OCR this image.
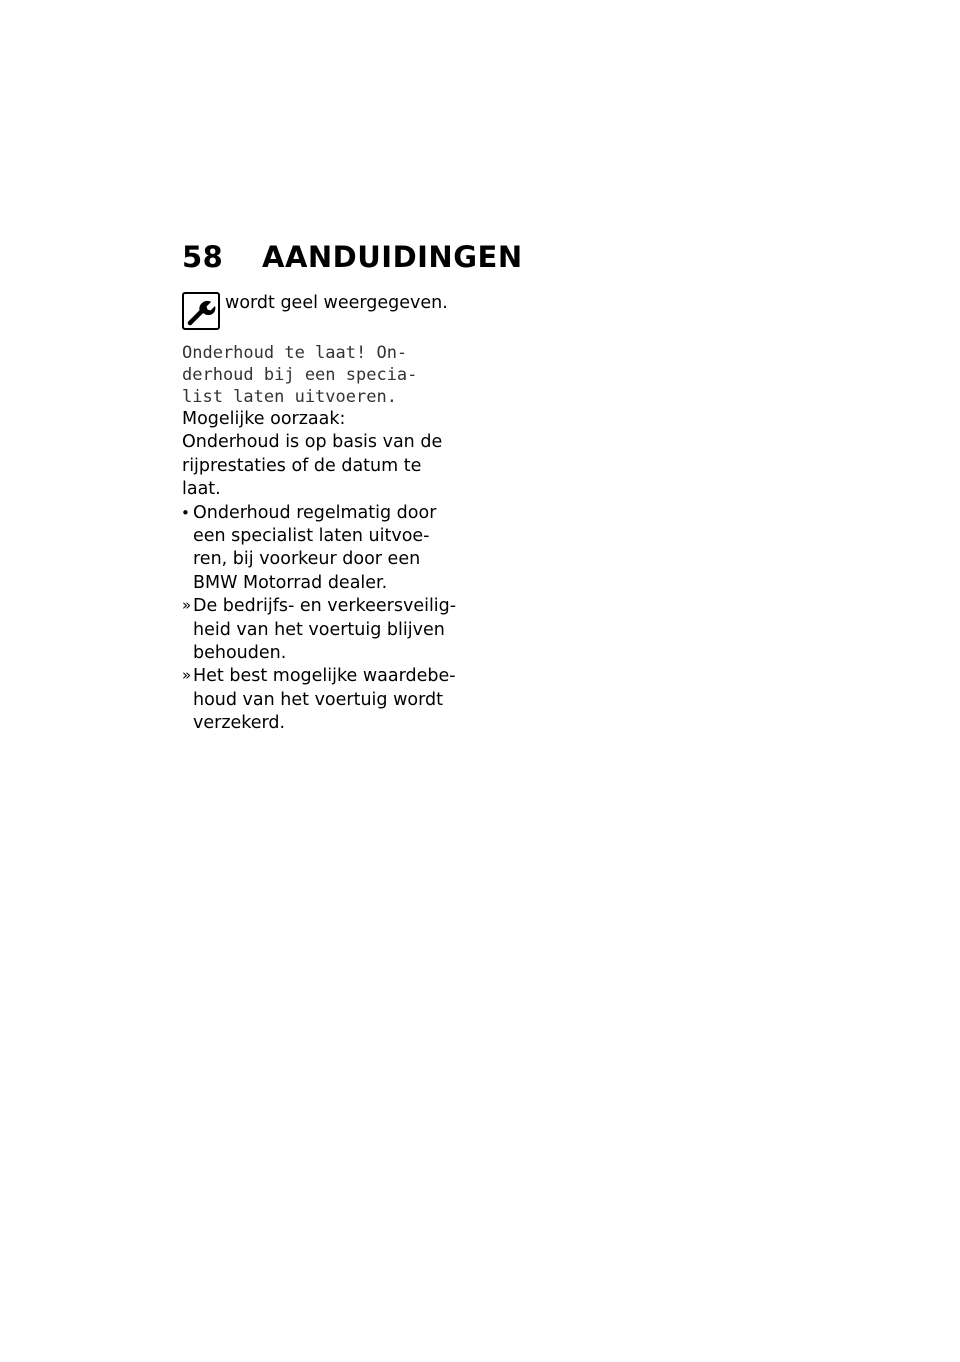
58	AANDUIDINGEN
wordt geel weergegeven.
Onderhoud te laat! On-
derhoud bij een specia-
list laten uitvoeren.
Mogelijke oorzaak:
Onderhoud is op basis van de
rijprestaties of de datum te
laat.
• Onderhoud regelmatig door
een specialist laten uitvoe-
ren, bij voorkeur door een
BMW Motorrad dealer.
» De bedrijfs- en verkeersveilig-
heid van het voertuig blijven
behouden.
» Het best mogelijke waardebe-
houd van het voertuig wordt
verzekerd.
